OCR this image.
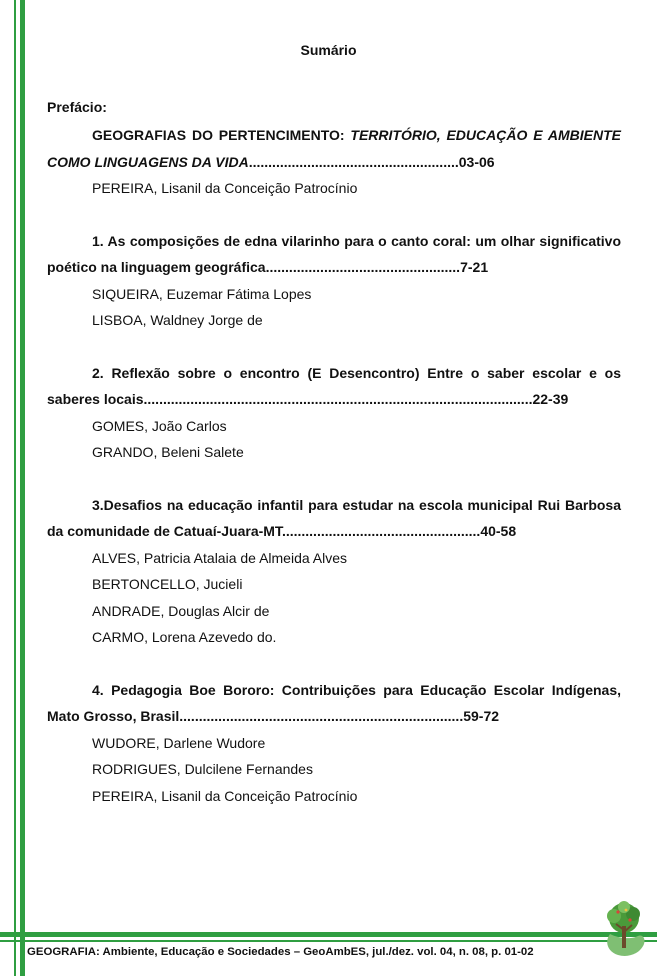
Sumário
Prefácio:

GEOGRAFIAS DO PERTENCIMENTO: TERRITÓRIO, EDUCAÇÃO E AMBIENTE COMO LINGUAGENS DA VIDA......................................................03-06

PEREIRA, Lisanil da Conceição Patrocínio

1. As composições de edna vilarinho para o canto coral: um olhar significativo poético na linguagem geográfica..................................................7-21

SIQUEIRA, Euzemar Fátima Lopes
LISBOA, Waldney Jorge de

2. Reflexão sobre o encontro (E Desencontro) Entre o saber escolar e os saberes locais....................................................................................................22-39

GOMES, João Carlos
GRANDO, Beleni Salete

3.Desafios na educação infantil para estudar na escola municipal Rui Barbosa da comunidade de Catuaí-Juara-MT...................................................40-58

ALVES, Patricia Atalaia de Almeida Alves
BERTONCELLO, Jucieli
ANDRADE, Douglas Alcir de
CARMO, Lorena Azevedo do.

4. Pedagogia Boe Bororo: Contribuições para Educação Escolar Indígenas, Mato Grosso, Brasil.........................................................................59-72

WUDORE, Darlene Wudore
RODRIGUES, Dulcilene Fernandes
PEREIRA, Lisanil da Conceição Patrocínio
GEOGRAFIA: Ambiente, Educação e Sociedades – GeoAmbES, jul./dez. vol. 04, n. 08, p. 01-02
